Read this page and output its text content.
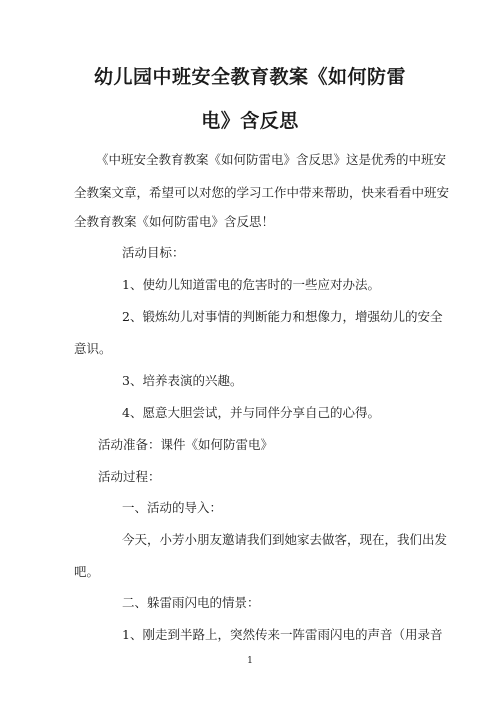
幼儿园中班安全教育教案《如何防雷
电》含反思

《中班安全教育教案《如何防雷电》含反思》这是优秀的中班安

全教案文章，希望可以对您的学习工作中带来帮助，快来看看中班安

全教育教案《如何防雷电》含反思！

活动目标：

1、使幼儿知道雷电的危害时的一些应对办法。

2、锻炼幼儿对事情的判断能力和想像力，增强幼儿的安全

意识。

3、培养表演的兴趣。

4、愿意大胆尝试，并与同伴分享自己的心得。

活动准备：课件《如何防雷电》

活动过程：

一、活动的导入：

今天，小芳小朋友邀请我们到她家去做客，现在，我们出发

吧。

二、躲雷雨闪电的情景：

1、刚走到半路上，突然传来一阵雷雨闪电的声音（用录音

1
